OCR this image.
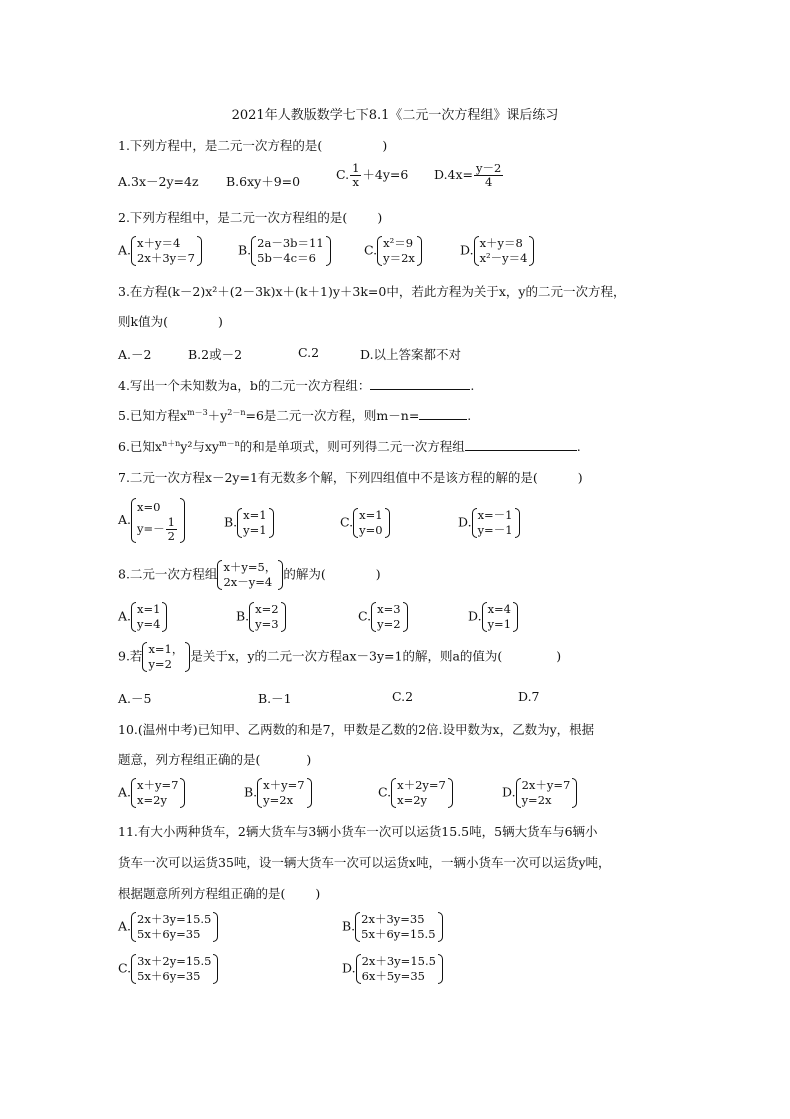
2021年人教版数学七下8.1《二元一次方程组》课后练习
1.下列方程中，是二元一次方程的是(	)
A.3x－2y=4z B.6xy＋9=0	C. $\frac{1}{x} +4y=6$ $D.4x= \frac{y-2}{4}$
2.下列方程组中，是二元一次方程组的是( )
A. x＋y＝4
2x＋3y＝7
B. 2a－3b＝11
5b－4c＝6
C. x²＝9
y＝2x
D. x＋y＝8
x²－y＝4
3.在方程(k－2)x²＋(2－3k)x＋(k＋1)y＋3k=0中，若此方程为关于x，y的二元一次方程，
则k值为(	)
A.－2	B.2或－2	C.2	D.以上答案都不对
4.写出一个未知数为a，b的二元一次方程组：	.
5.已知方程$x^{m-3}+y^{2-n}=6$是二元一次方程，则m－n=	.
6.已知$x^{n+n}y^2$与$xy^{m-n}$的和是单项式，则可列得二元一次方程组	.
7.二元一次方程x－2y=1有无数多个解，下列四组值中不是该方程的解的是(	)
A.
x=0
$y=- \frac{1}{2}$	B. x=1
y=1
C. x=1
y=0
D. x=－1
y=－1
8.二元一次方程组 x＋y=5，
2x－y=4
的解为(	)
A. x=1
y=4
B. x=2
y=3
C. x=3
y=2
D. x=4
y=1
9.若 x=1，
y=2
是关于x，y的二元一次方程ax－3y=1的解，则a的值为(	)
A.－5	B.－1	C.2	D.7
10.(温州中考)已知甲、乙两数的和是7，甲数是乙数的2倍.设甲数为x，乙数为y，根据
题意，列方程组正确的是(	)
A. x＋y=7
x=2y
B. x＋y=7
y=2x
C. x＋2y=7
x=2y
D. 2x＋y=7
y=2x
11.有大小两种货车，2辆大货车与3辆小货车一次可以运货15.5吨，5辆大货车与6辆小
货车一次可以运货35吨，设一辆大货车一次可以运货x吨，一辆小货车一次可以运货y吨，
根据题意所列方程组正确的是( )
A. 2x＋3y=15.5
5x＋6y=35
B. 2x＋3y=35
5x＋6y=15.5
C. 3x＋2y=15.5
5x＋6y=35
D. 2x＋3y=15.5
6x＋5y=35
